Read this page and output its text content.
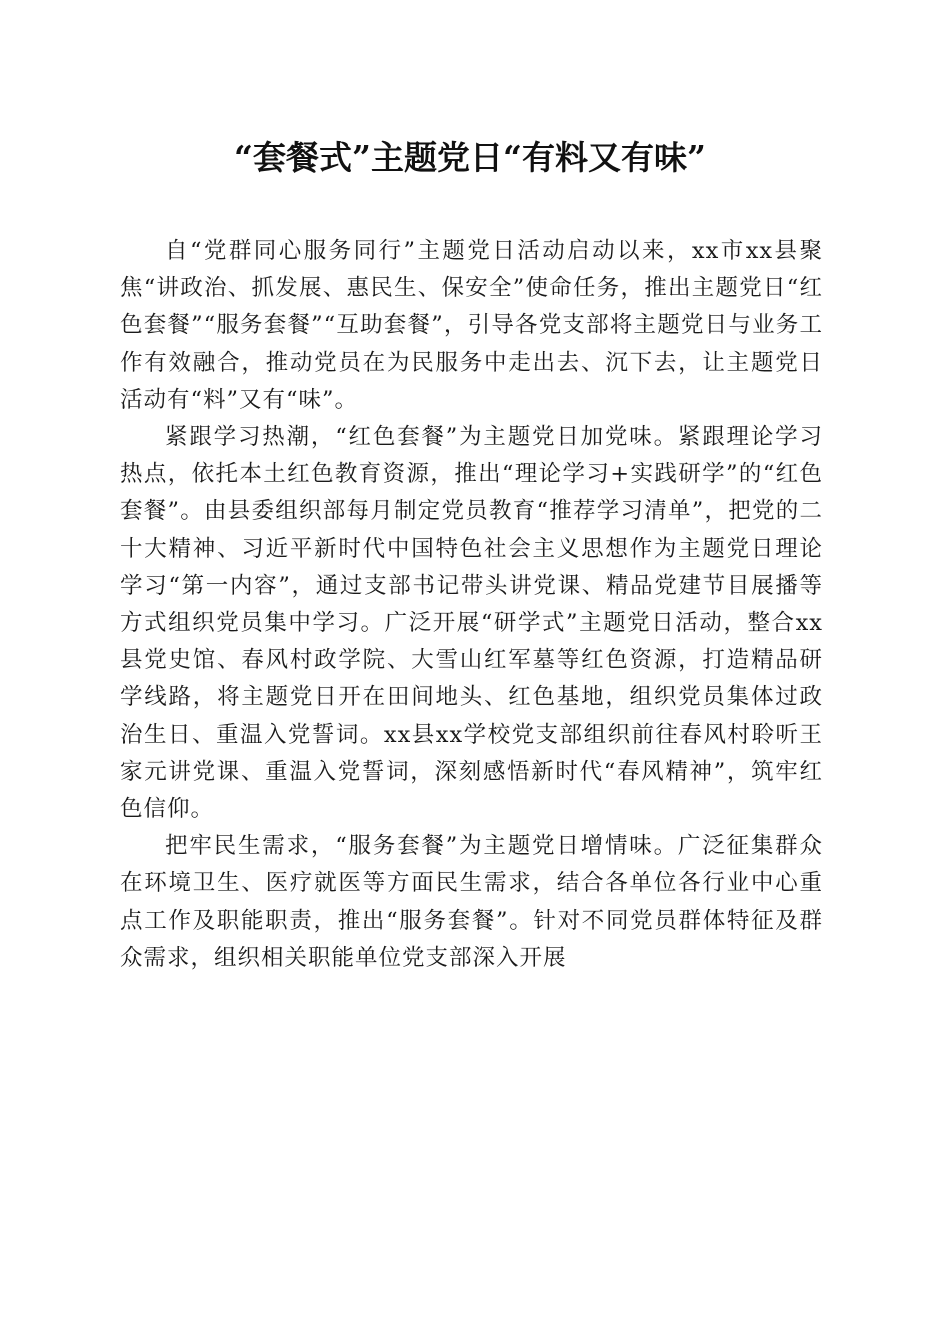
“套餐式”主题党日“有料又有味”

自“党群同心服务同行”主题党日活动启动以来，xx市xx县聚焦“讲政治、抓发展、惠民生、保安全”使命任务，推出主题党日“红色套餐”“服务套餐”“互助套餐”，引导各党支部将主题党日与业务工作有效融合，推动党员在为民服务中走出去、沉下去，让主题党日活动有“料”又有“味”。

紧跟学习热潮，“红色套餐”为主题党日加党味。紧跟理论学习热点，依托本土红色教育资源，推出“理论学习+实践研学”的“红色套餐”。由县委组织部每月制定党员教育“推荐学习清单”，把党的二十大精神、习近平新时代中国特色社会主义思想作为主题党日理论学习“第一内容”，通过支部书记带头讲党课、精品党建节目展播等方式组织党员集中学习。广泛开展“研学式”主题党日活动，整合xx县党史馆、春风村政学院、大雪山红军墓等红色资源，打造精品研学线路，将主题党日开在田间地头、红色基地，组织党员集体过政治生日、重温入党誓词。xx县xx学校党支部组织前往春风村聆听王家元讲党课、重温入党誓词，深刻感悟新时代“春风精神”，筑牢红色信仰。

把牢民生需求，“服务套餐”为主题党日增情味。广泛征集群众在环境卫生、医疗就医等方面民生需求，结合各单位各行业中心重点工作及职能职责，推出“服务套餐”。针对不同党员群体特征及群众需求，组织相关职能单位党支部深入开展
